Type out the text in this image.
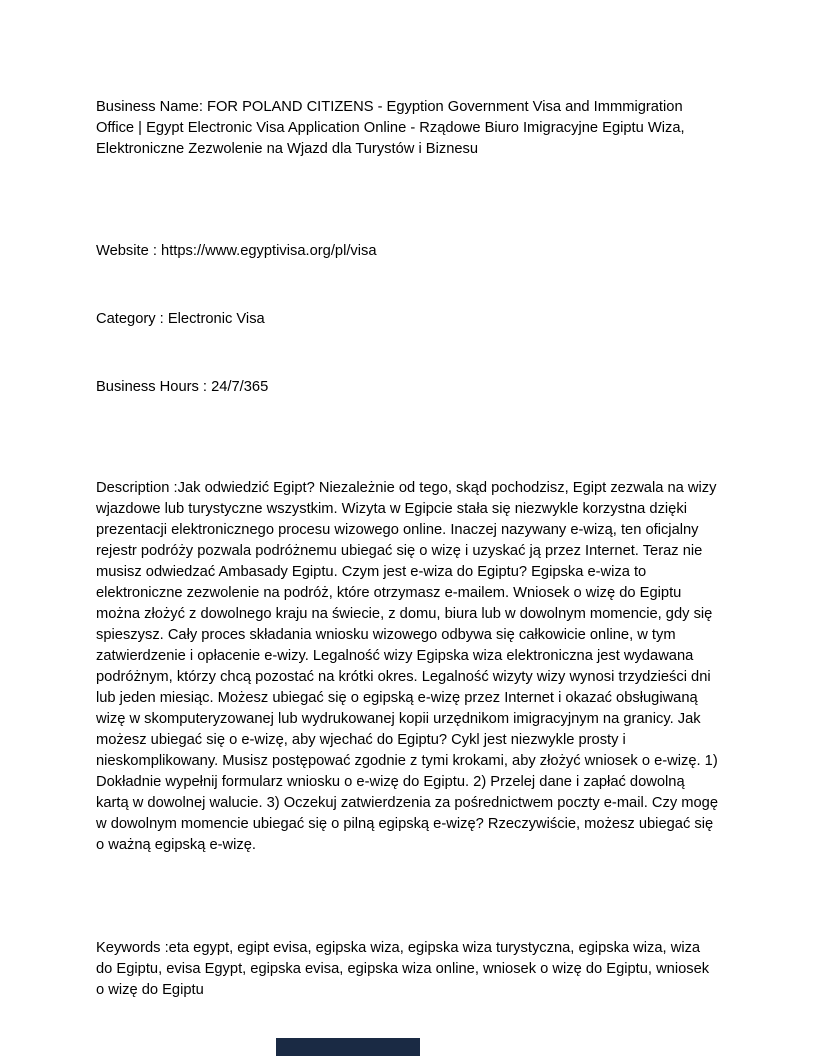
Business Name: FOR POLAND CITIZENS - Egyption Government Visa and Immmigration Office | Egypt Electronic Visa Application Online - Rządowe Biuro Imigracyjne Egiptu Wiza, Elektroniczne Zezwolenie na Wjazd dla Turystów i Biznesu

Website : https://www.egyptivisa.org/pl/visa

Category : Electronic Visa

Business Hours : 24/7/365

Description :Jak odwiedzić Egipt? Niezależnie od tego, skąd pochodzisz, Egipt zezwala na wizy wjazdowe lub turystyczne wszystkim. Wizyta w Egipcie stała się niezwykle korzystna dzięki prezentacji elektronicznego procesu wizowego online. Inaczej nazywany e-wizą, ten oficjalny rejestr podróży pozwala podróżnemu ubiegać się o wizę i uzyskać ją przez Internet. Teraz nie musisz odwiedzać Ambasady Egiptu. Czym jest e-wiza do Egiptu? Egipska e-wiza to elektroniczne zezwolenie na podróż, które otrzymasz e-mailem. Wniosek o wizę do Egiptu można złożyć z dowolnego kraju na świecie, z domu, biura lub w dowolnym momencie, gdy się spieszysz. Cały proces składania wniosku wizowego odbywa się całkowicie online, w tym zatwierdzenie i opłacenie e-wizy. Legalność wizy Egipska wiza elektroniczna jest wydawana podróżnym, którzy chcą pozostać na krótki okres. Legalność wizyty wizy wynosi trzydzieści dni lub jeden miesiąc. Możesz ubiegać się o egipską e-wizę przez Internet i okazać obsługiwaną wizę w skomputeryzowanej lub wydrukowanej kopii urzędnikom imigracyjnym na granicy. Jak możesz ubiegać się o e-wizę, aby wjechać do Egiptu? Cykl jest niezwykle prosty i nieskomplikowany. Musisz postępować zgodnie z tymi krokami, aby złożyć wniosek o e-wizę. 1) Dokładnie wypełnij formularz wniosku o e-wizę do Egiptu. 2) Przelej dane i zapłać dowolną kartą w dowolnej walucie. 3) Oczekuj zatwierdzenia za pośrednictwem poczty e-mail. Czy mogę w dowolnym momencie ubiegać się o pilną egipską e-wizę? Rzeczywiście, możesz ubiegać się o ważną egipską e-wizę.

Keywords :eta egypt, egipt evisa, egipska wiza, egipska wiza turystyczna, egipska wiza, wiza do Egiptu, evisa Egypt, egipska evisa, egipska wiza online, wniosek o wizę do Egiptu, wniosek o wizę do Egiptu
